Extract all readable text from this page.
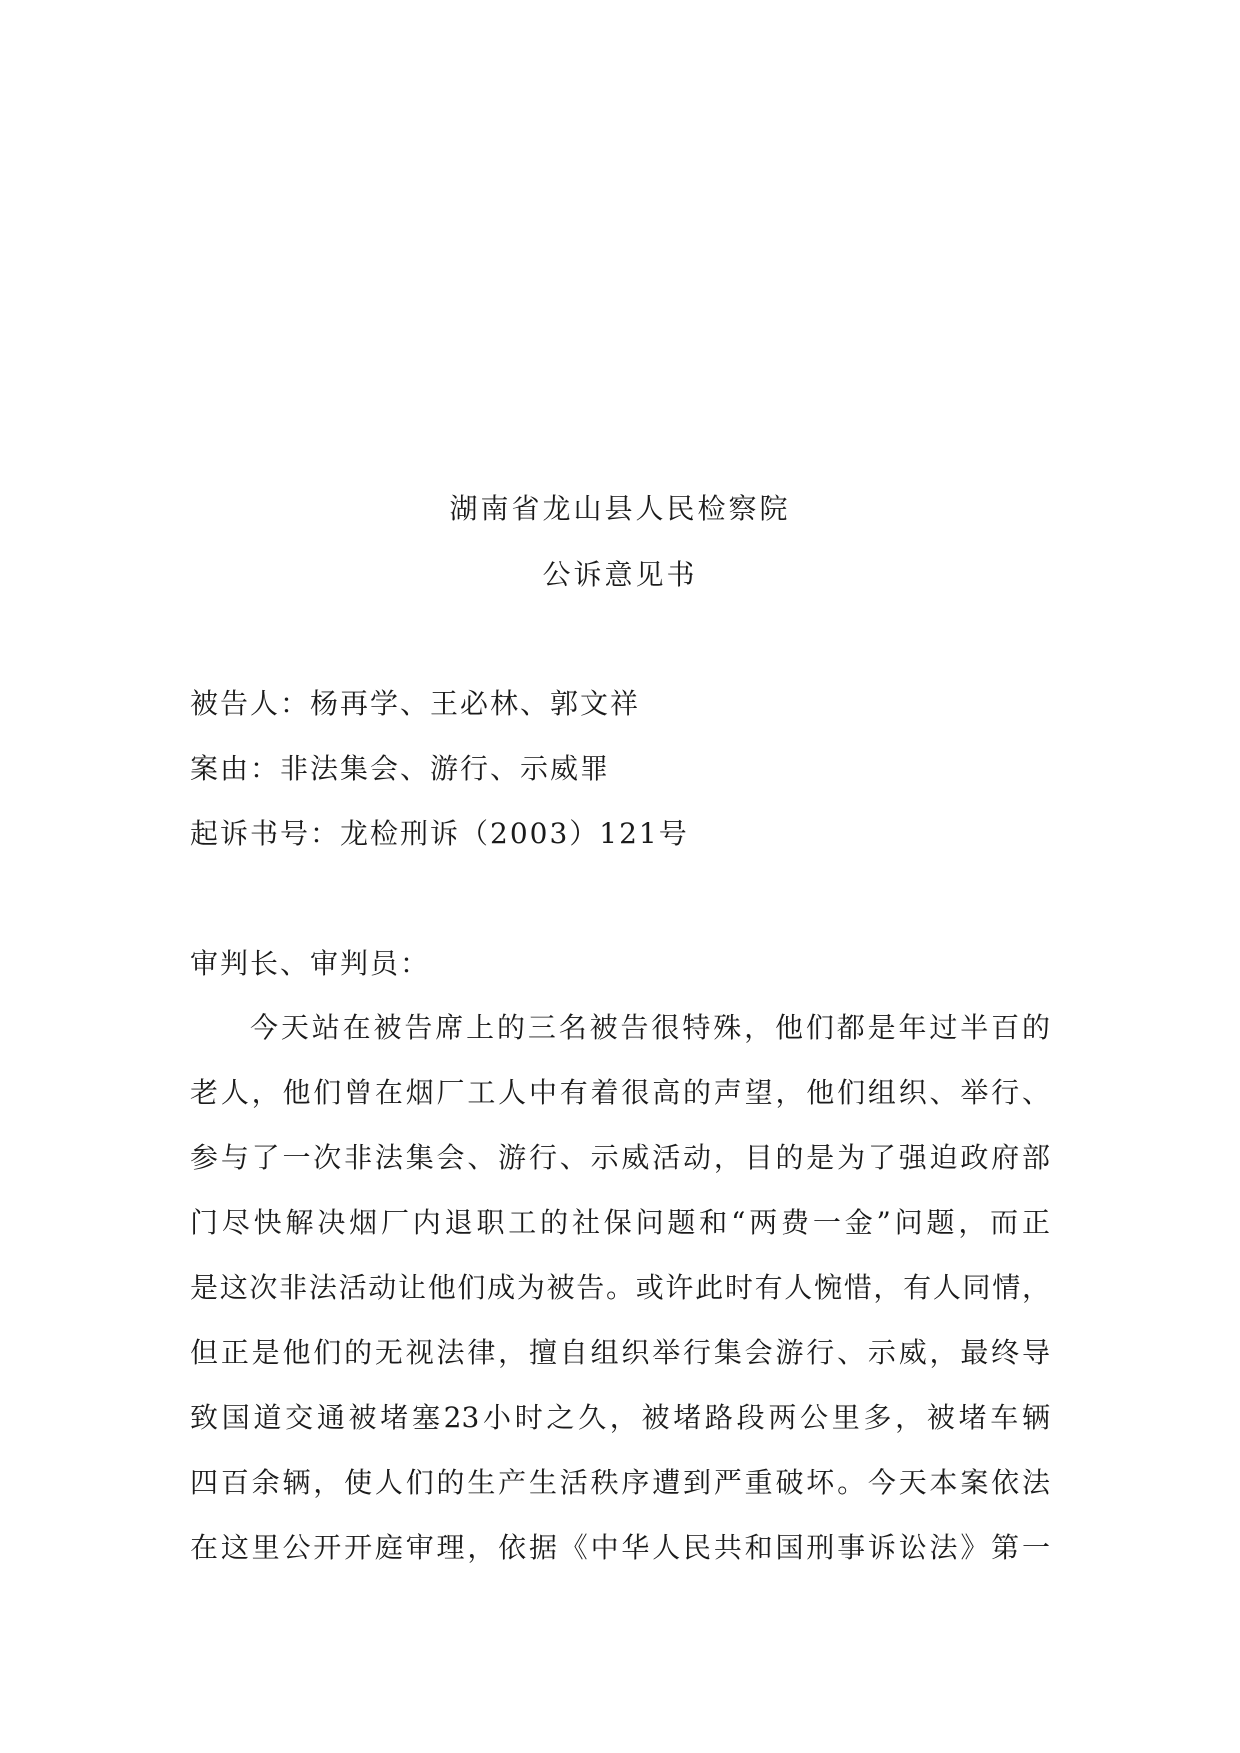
湖南省龙山县人民检察院
公诉意见书
被告人：杨再学、王必林、郭文祥
案由：非法集会、游行、示威罪
起诉书号：龙检刑诉（2003）121号
审判长、审判员：
今天站在被告席上的三名被告很特殊，他们都是年过半百的
老人，他们曾在烟厂工人中有着很高的声望，他们组织、举行、
参与了一次非法集会、游行、示威活动，目的是为了强迫政府部
门尽快解决烟厂内退职工的社保问题和“两费一金”问题，而正
是这次非法活动让他们成为被告。或许此时有人惋惜，有人同情，
但正是他们的无视法律，擅自组织举行集会游行、示威，最终导
致国道交通被堵塞23小时之久，被堵路段两公里多，被堵车辆
四百余辆，使人们的生产生活秩序遭到严重破坏。今天本案依法
在这里公开开庭审理，依据《中华人民共和国刑事诉讼法》第一
